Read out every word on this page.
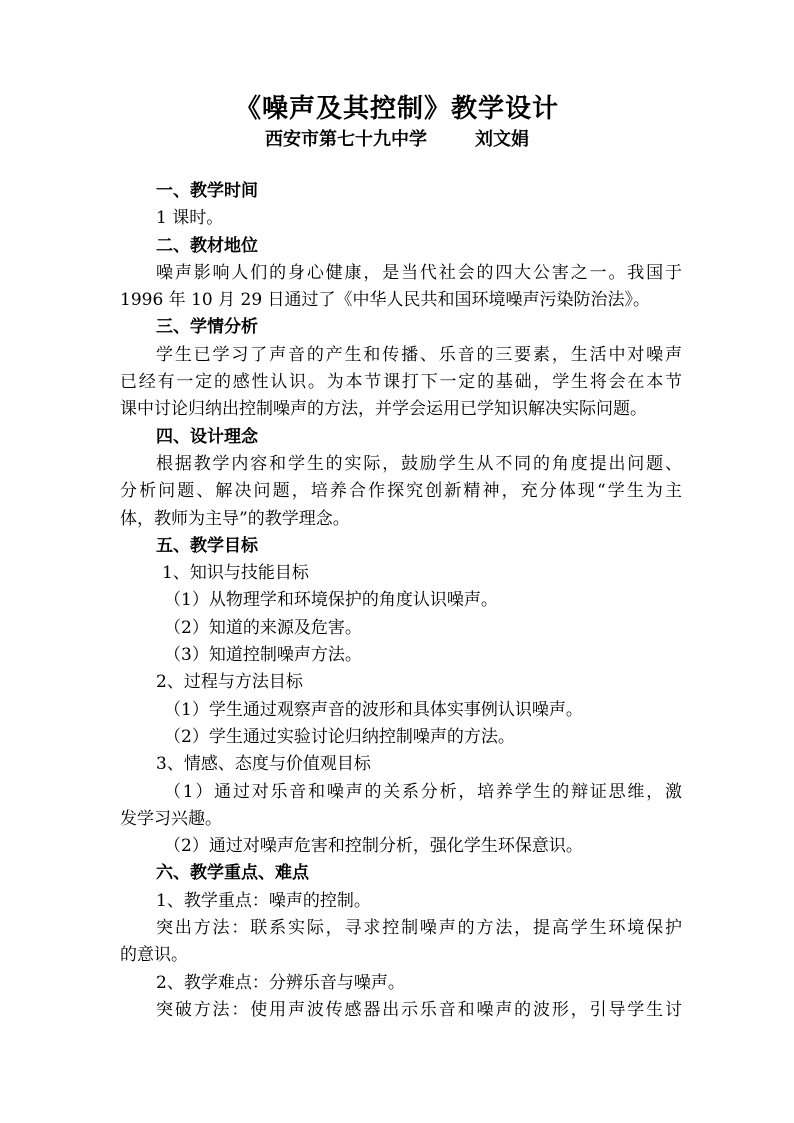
《噪声及其控制》教学设计
西安市第七十九中学	刘文娟
一、教学时间
1 课时。
二、教材地位
噪声影响人们的身心健康，是当代社会的四大公害之一。我国于
1996 年 10 月 29 日通过了《中华人民共和国环境噪声污染防治法》。
三、学情分析
学生已学习了声音的产生和传播、乐音的三要素，生活中对噪声
已经有一定的感性认识。为本节课打下一定的基础，学生将会在本节
课中讨论归纳出控制噪声的方法，并学会运用已学知识解决实际问题。
四、设计理念
根据教学内容和学生的实际，鼓励学生从不同的角度提出问题、
分析问题、解决问题，培养合作探究创新精神，充分体现“学生为主
体，教师为主导”的教学理念。
五、教学目标
1、知识与技能目标
（1）从物理学和环境保护的角度认识噪声。
（2）知道的来源及危害。
（3）知道控制噪声方法。
2、过程与方法目标
（1）学生通过观察声音的波形和具体实事例认识噪声。
（2）学生通过实验讨论归纳控制噪声的方法。
3、情感、态度与价值观目标
（1）通过对乐音和噪声的关系分析，培养学生的辩证思维，激
发学习兴趣。
（2）通过对噪声危害和控制分析，强化学生环保意识。
六、教学重点、难点
1、教学重点：噪声的控制。
突出方法：联系实际，寻求控制噪声的方法，提高学生环境保护
的意识。
2、教学难点：分辨乐音与噪声。
突破方法：使用声波传感器出示乐音和噪声的波形，引导学生讨
